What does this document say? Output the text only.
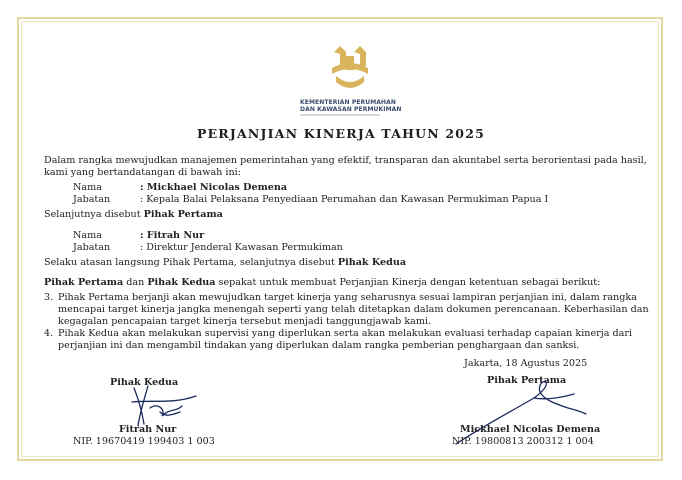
KEMENTERIAN PERUMAHAN
DAN KAWASAN PERMUKIMAN
PERJANJIAN KINERJA TAHUN 2025
Dalam rangka mewujudkan manajemen pemerintahan yang efektif, transparan dan akuntabel serta berorientasi pada hasil,
kami yang bertandatangan di bawah ini:
Nama	: Mickhael Nicolas Demena
Jabatan	: Kepala Balai Pelaksana Penyediaan Perumahan dan Kawasan Permukiman Papua I
Selanjutnya disebut Pihak Pertama
Nama	: Fitrah Nur
Jabatan	: Direktur Jenderal Kawasan Permukiman
Selaku atasan langsung Pihak Pertama, selanjutnya disebut Pihak Kedua
Pihak Pertama dan Pihak Kedua sepakat untuk membuat Perjanjian Kinerja dengan ketentuan sebagai berikut:
3. Pihak Pertama berjanji akan mewujudkan target kinerja yang seharusnya sesuai lampiran perjanjian ini, dalam rangka
mencapai target kinerja jangka menengah seperti yang telah ditetapkan dalam dokumen perencanaan. Keberhasilan dan
kegagalan pencapaian target kinerja tersebut menjadi tanggungjawab kami.
4. Pihak Kedua akan melakukan supervisi yang diperlukan serta akan melakukan evaluasi terhadap capaian kinerja dari
perjanjian ini dan mengambil tindakan yang diperlukan dalam rangka pemberian penghargaan dan sanksi.
Jakarta, 18 Agustus 2025
Pihak Kedua
Fitrah Nur
NIP. 19670419 199403 1 003
Pihak Pertama
Mickhael Nicolas Demena
NIP. 19800813 200312 1 004
